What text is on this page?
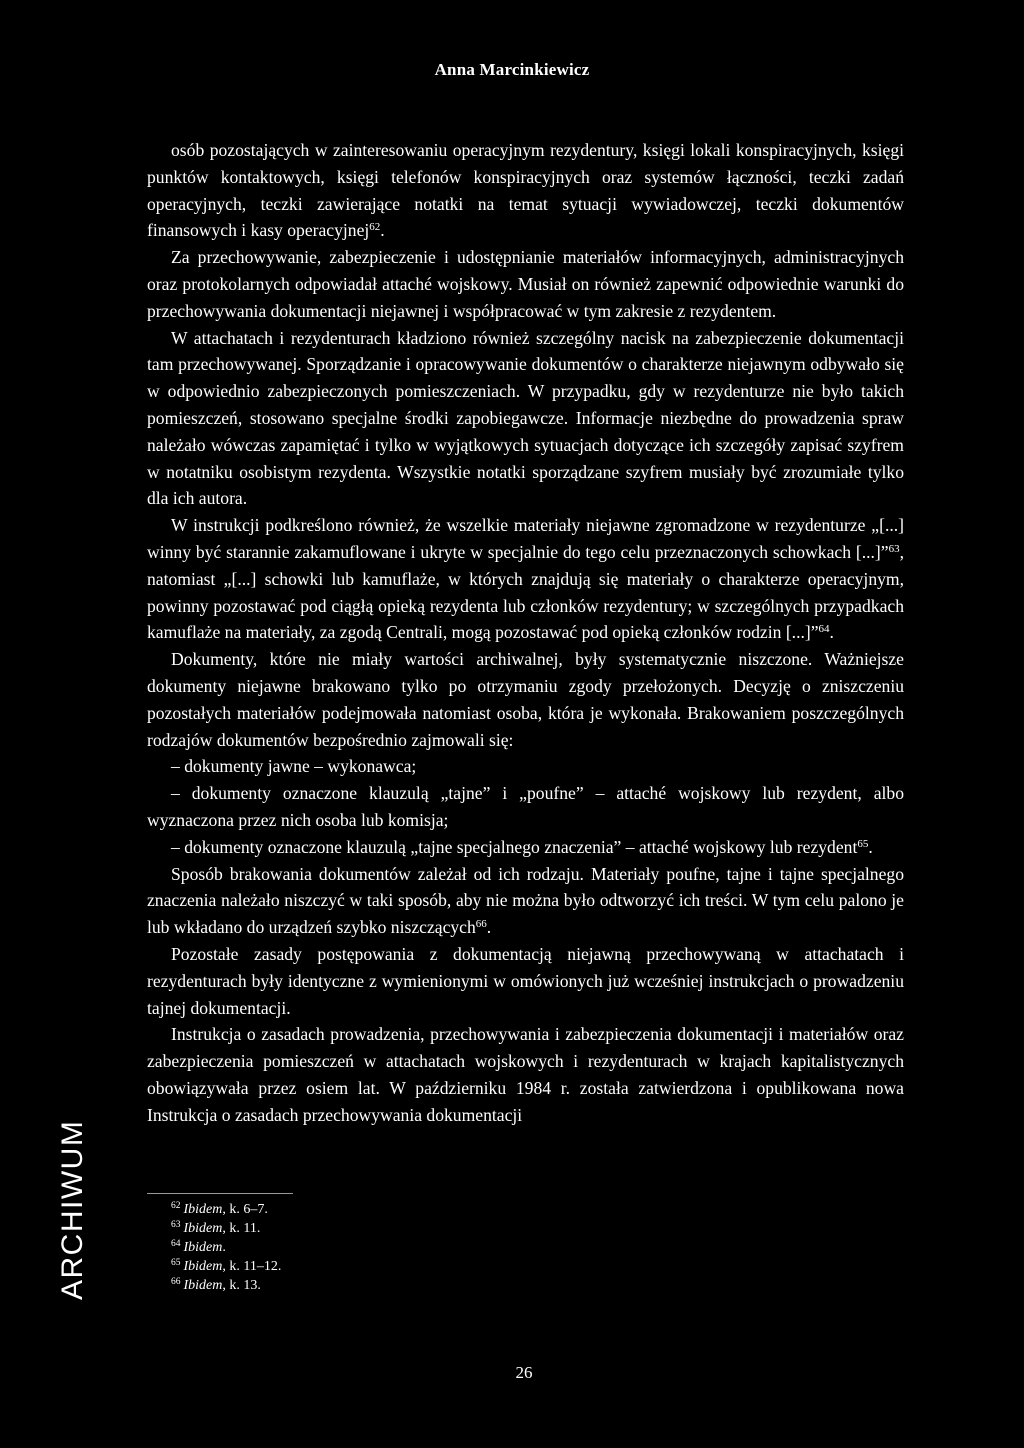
Anna Marcinkiewicz

osób pozostających w zainteresowaniu operacyjnym rezydentury, księgi lokali konspiracyjnych, księgi punktów kontaktowych, księgi telefonów konspiracyjnych oraz systemów łączności, teczki zadań operacyjnych, teczki zawierające notatki na temat sytuacji wywiadowczej, teczki dokumentów finansowych i kasy operacyjnej$^{62}$.

Za przechowywanie, zabezpieczenie i udostępnianie materiałów informacyjnych, administracyjnych oraz protokolarnych odpowiadał attaché wojskowy. Musiał on również zapewnić odpowiednie warunki do przechowywania dokumentacji niejawnej i współpracować w tym zakresie z rezydentem.

W attachatach i rezydenturach kładziono również szczególny nacisk na zabezpieczenie dokumentacji tam przechowywanej. Sporządzanie i opracowywanie dokumentów o charakterze niejawnym odbywało się w odpowiednio zabezpieczonych pomieszczeniach. W przypadku, gdy w rezydenturze nie było takich pomieszczeń, stosowano specjalne środki zapobiegawcze. Informacje niezbędne do prowadzenia spraw należało wówczas zapamiętać i tylko w wyjątkowych sytuacjach dotyczące ich szczegóły zapisać szyfrem w notatniku osobistym rezydenta. Wszystkie notatki sporządzane szyfrem musiały być zrozumiałe tylko dla ich autora.

W instrukcji podkreślono również, że wszelkie materiały niejawne zgromadzone w rezydenturze „[...] winny być starannie zakamuflowane i ukryte w specjalnie do tego celu przeznaczonych schowkach [...]”$^{63}$, natomiast „[...] schowki lub kamuflaże, w których znajdują się materiały o charakterze operacyjnym, powinny pozostawać pod ciągłą opieką rezydenta lub członków rezydentury; w szczególnych przypadkach kamuflaże na materiały, za zgodą Centrali, mogą pozostawać pod opieką członków rodzin [...]”$^{64}$.

Dokumenty, które nie miały wartości archiwalnej, były systematycznie niszczone. Ważniejsze dokumenty niejawne brakowano tylko po otrzymaniu zgody przełożonych. Decyzję o zniszczeniu pozostałych materiałów podejmowała natomiast osoba, która je wykonała. Brakowaniem poszczególnych rodzajów dokumentów bezpośrednio zajmowali się:

– dokumenty jawne – wykonawca;

– dokumenty oznaczone klauzulą „tajne” i „poufne” – attaché wojskowy lub rezydent, albo wyznaczona przez nich osoba lub komisja;

– dokumenty oznaczone klauzulą „tajne specjalnego znaczenia” – attaché wojskowy lub rezydent$^{65}$.

Sposób brakowania dokumentów zależał od ich rodzaju. Materiały poufne, tajne i tajne specjalnego znaczenia należało niszczyć w taki sposób, aby nie można było odtworzyć ich treści. W tym celu palono je lub wkładano do urządzeń szybko niszczących$^{66}$.

Pozostałe zasady postępowania z dokumentacją niejawną przechowywaną w attachatach i rezydenturach były identyczne z wymienionymi w omówionych już wcześniej instrukcjach o prowadzeniu tajnej dokumentacji.

Instrukcja o zasadach prowadzenia, przechowywania i zabezpieczenia dokumentacji i materiałów oraz zabezpieczenia pomieszczeń w attachatach wojskowych i rezydenturach w krajach kapitalistycznych obowiązywała przez osiem lat. W październiku 1984 r. została zatwierdzona i opublikowana nowa Instrukcja o zasadach przechowywania dokumentacji

$^{62}$ Ibidem, k. 6–7.
$^{63}$ Ibidem, k. 11.
$^{64}$ Ibidem.
$^{65}$ Ibidem, k. 11–12.
$^{66}$ Ibidem, k. 13.
ARCHIWUM
26
